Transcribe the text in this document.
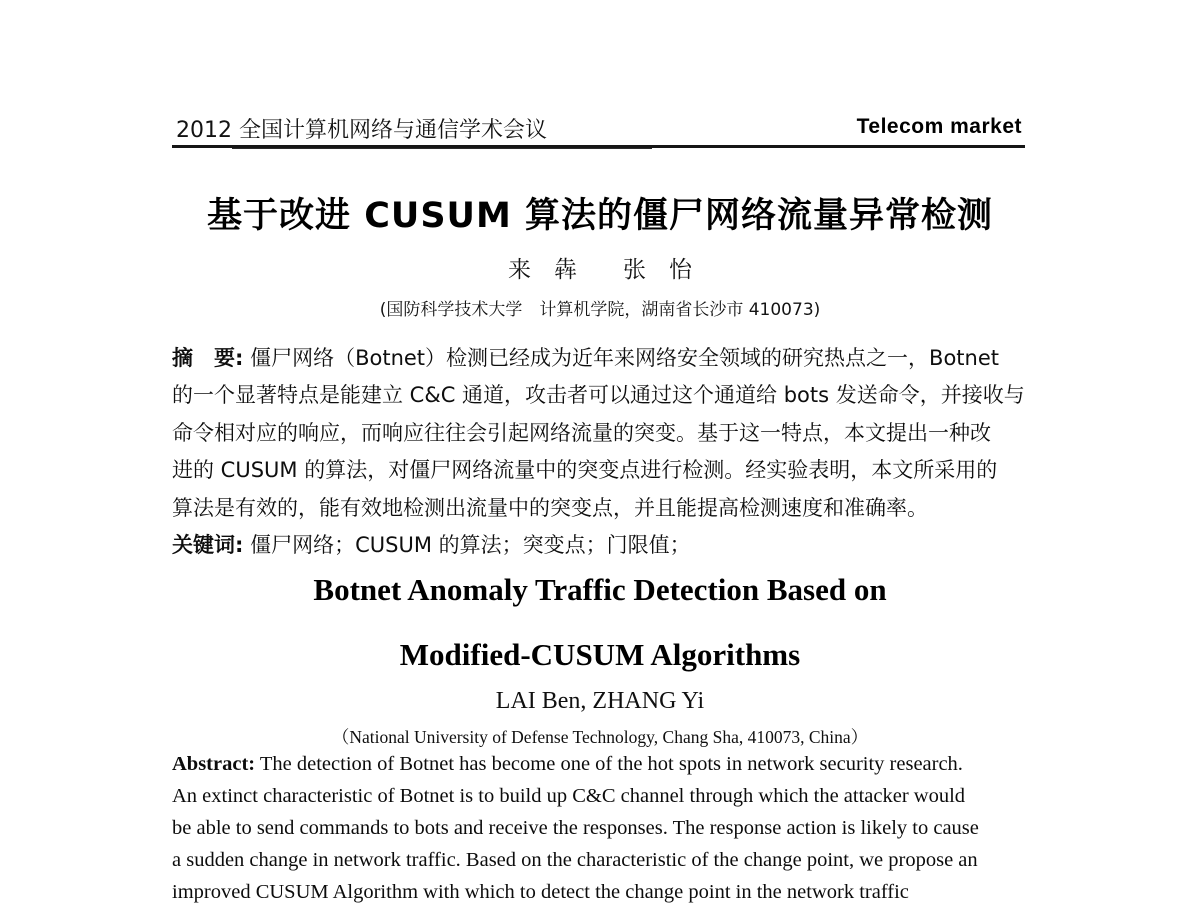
2012 全国计算机网络与通信学术会议	Telecom market
基于改进 CUSUM 算法的僵尸网络流量异常检测
来　犇　　张　怡
(国防科学技术大学　计算机学院，湖南省长沙市 410073)
摘　要: 僵尸网络（Botnet）检测已经成为近年来网络安全领域的研究热点之一，Botnet
的一个显著特点是能建立 C&C 通道，攻击者可以通过这个通道给 bots 发送命令，并接收与
命令相对应的响应，而响应往往会引起网络流量的突变。基于这一特点，本文提出一种改
进的 CUSUM 的算法，对僵尸网络流量中的突变点进行检测。经实验表明，本文所采用的
算法是有效的，能有效地检测出流量中的突变点，并且能提高检测速度和准确率。
关键词: 僵尸网络；CUSUM 的算法；突变点；门限值；
Botnet Anomaly Traffic Detection Based on
Modified-CUSUM Algorithms
LAI Ben, ZHANG Yi
（National University of Defense Technology, Chang Sha, 410073, China）
Abstract: The detection of Botnet has become one of the hot spots in network security research.
An extinct characteristic of Botnet is to build up C&C channel through which the attacker would
be able to send commands to bots and receive the responses. The response action is likely to cause
a sudden change in network traffic. Based on the characteristic of the change point, we propose an
improved CUSUM Algorithm with which to detect the change point in the network traffic
